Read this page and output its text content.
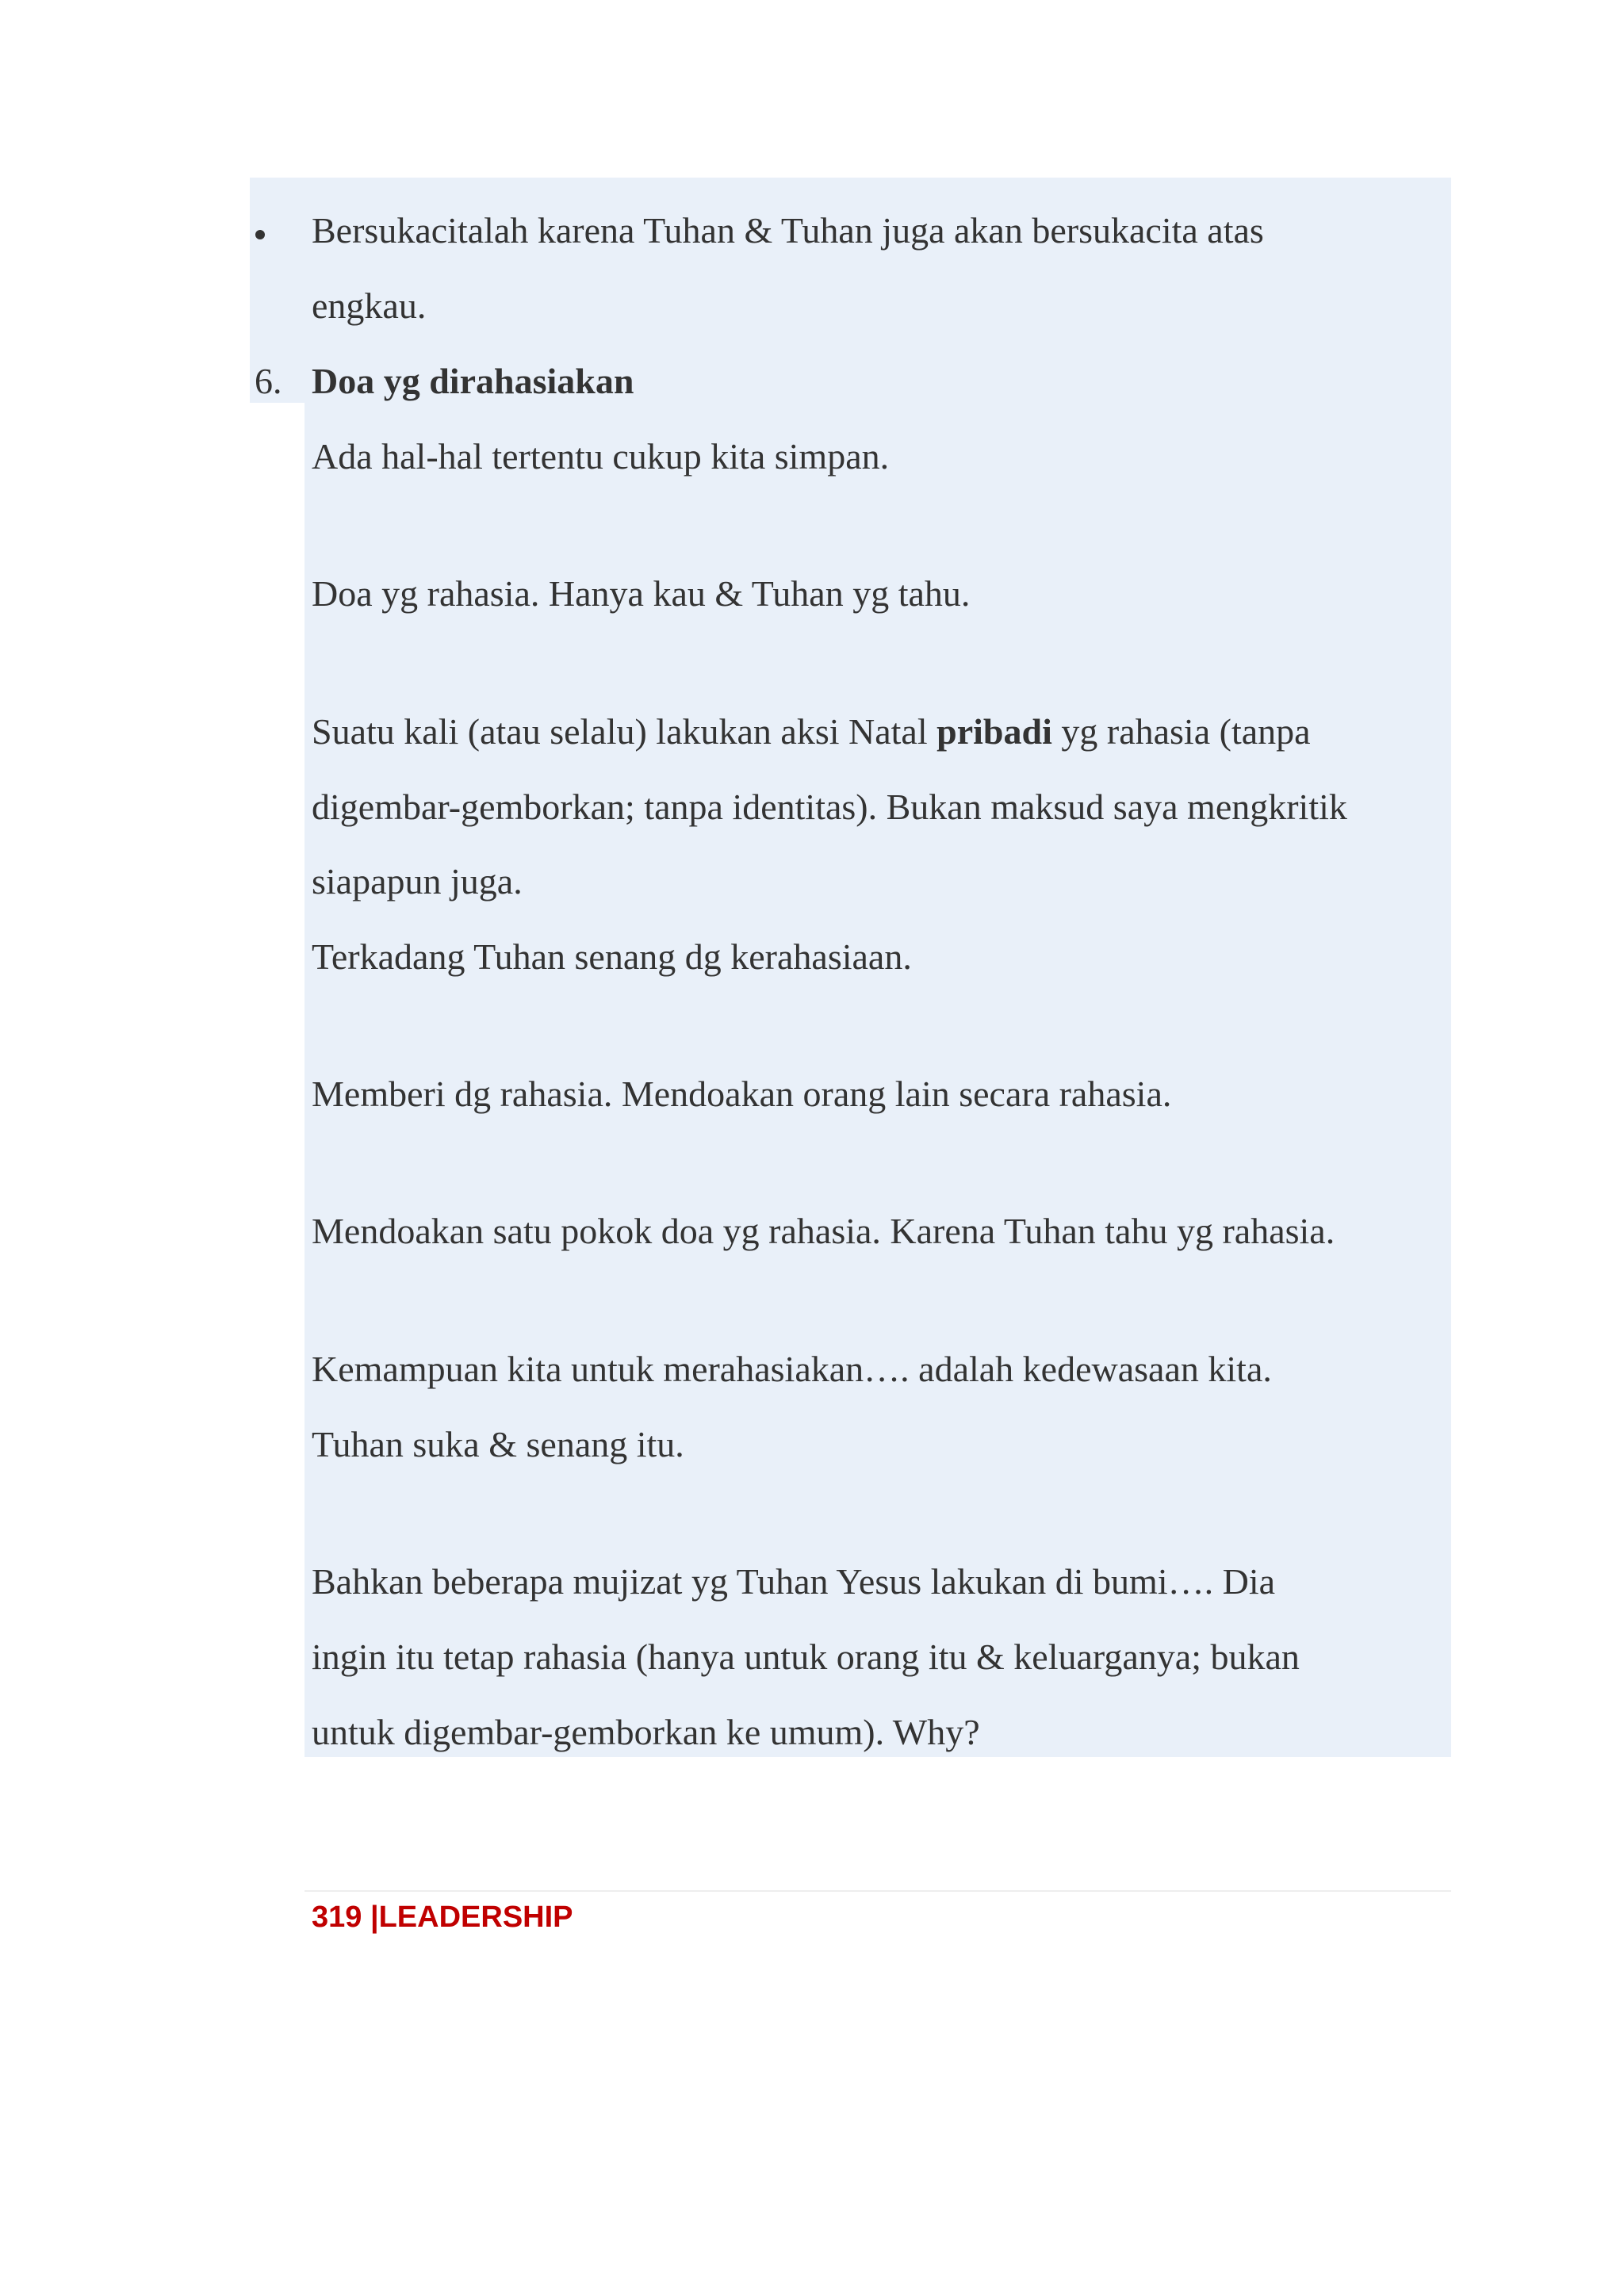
Bersukacitalah karena Tuhan & Tuhan juga akan bersukacita atas
engkau.
6. Doa yg dirahasiakan
Ada hal-hal tertentu cukup kita simpan.
Doa yg rahasia. Hanya kau & Tuhan yg tahu.
Suatu kali (atau selalu) lakukan aksi Natal pribadi yg rahasia (tanpa
digembar-gemborkan; tanpa identitas). Bukan maksud saya mengkritik
siapapun juga.
Terkadang Tuhan senang dg kerahasiaan.
Memberi dg rahasia. Mendoakan orang lain secara rahasia.
Mendoakan satu pokok doa yg rahasia. Karena Tuhan tahu yg rahasia.
Kemampuan kita untuk merahasiakan…. adalah kedewasaan kita.
Tuhan suka & senang itu.
Bahkan beberapa mujizat yg Tuhan Yesus lakukan di bumi…. Dia
ingin itu tetap rahasia (hanya untuk orang itu & keluarganya; bukan
untuk digembar-gemborkan ke umum). Why?
319 |LEADERSHIP
